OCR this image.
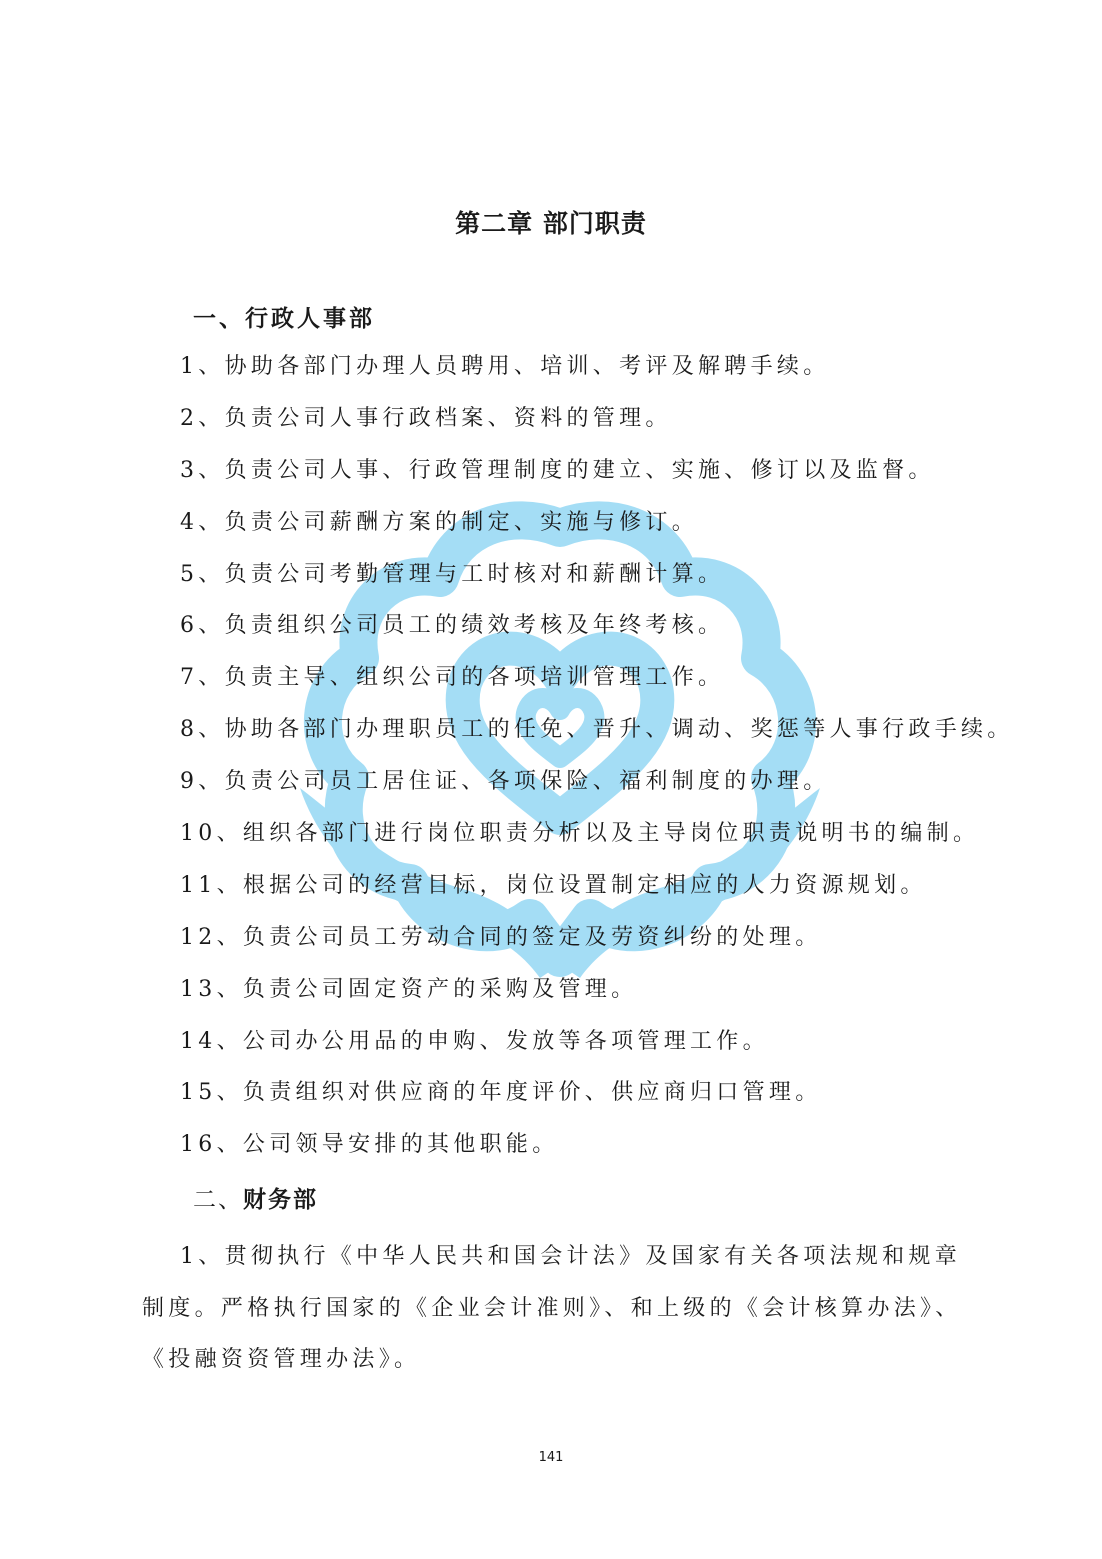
第二章 部门职责
一、行政人事部
1、协助各部门办理人员聘用、培训、考评及解聘手续。
2、负责公司人事行政档案、资料的管理。
3、负责公司人事、行政管理制度的建立、实施、修订以及监督。
4、负责公司薪酬方案的制定、实施与修订。
5、负责公司考勤管理与工时核对和薪酬计算。
6、负责组织公司员工的绩效考核及年终考核。
7、负责主导、组织公司的各项培训管理工作。
8、协助各部门办理职员工的任免、晋升、调动、奖惩等人事行政手续。
9、负责公司员工居住证、各项保险、福利制度的办理。
10、组织各部门进行岗位职责分析以及主导岗位职责说明书的编制。
11、根据公司的经营目标，岗位设置制定相应的人力资源规划。
12、负责公司员工劳动合同的签定及劳资纠纷的处理。
13、负责公司固定资产的采购及管理。
14、公司办公用品的申购、发放等各项管理工作。
15、负责组织对供应商的年度评价、供应商归口管理。
16、公司领导安排的其他职能。
二、财务部

1、贯彻执行《中华人民共和国会计法》及国家有关各项法规和规章制度。严格执行国家的《企业会计准则》、和上级的《会计核算办法》、《投融资资管理办法》。

141
